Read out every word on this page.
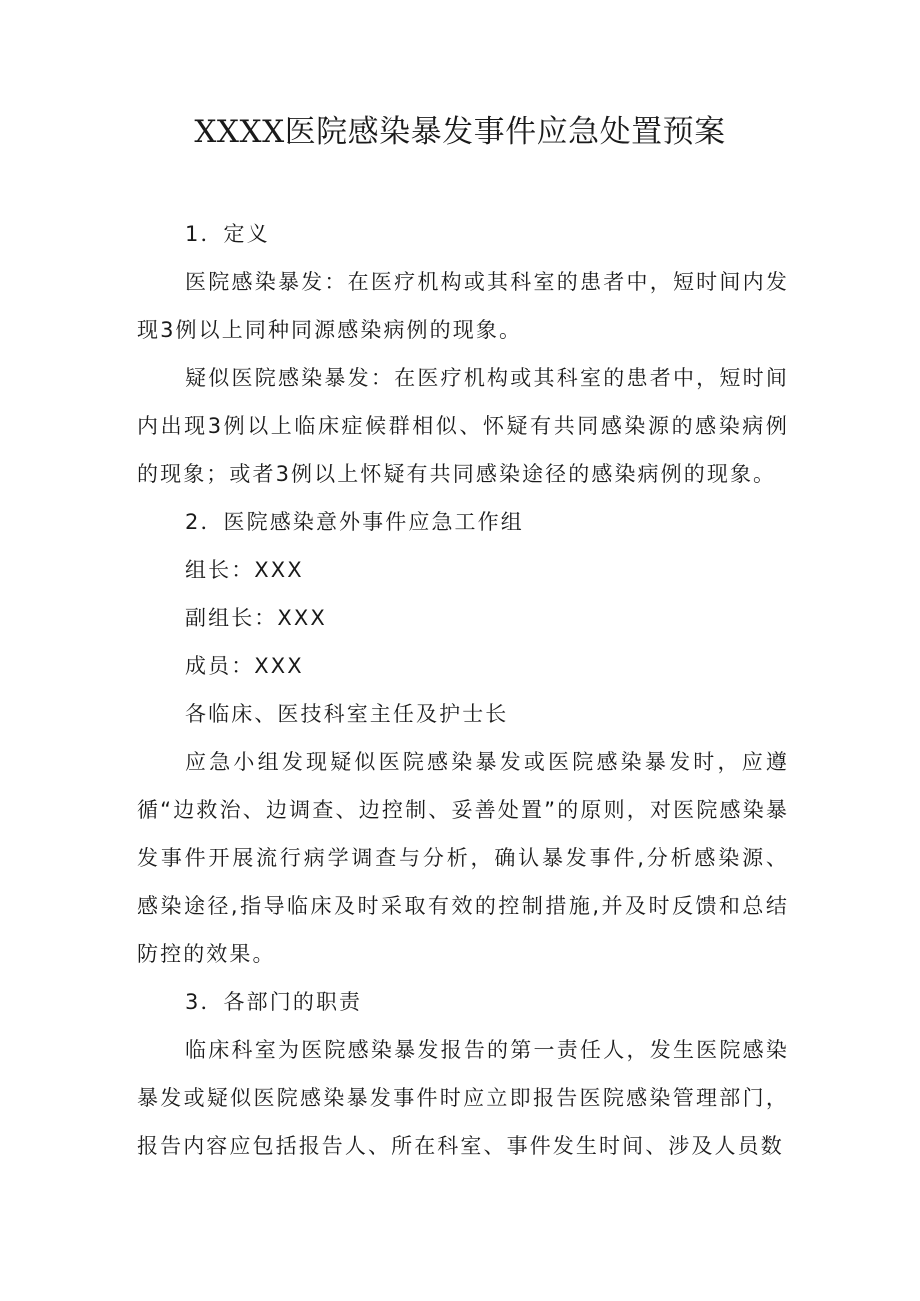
XXXX医院感染暴发事件应急处置预案

1．定义

医院感染暴发：在医疗机构或其科室的患者中，短时间内发现3例以上同种同源感染病例的现象。

疑似医院感染暴发：在医疗机构或其科室的患者中，短时间内出现3例以上临床症候群相似、怀疑有共同感染源的感染病例的现象；或者3例以上怀疑有共同感染途径的感染病例的现象。

2．医院感染意外事件应急工作组

组长：XXX

副组长：XXX

成员：XXX

各临床、医技科室主任及护士长

应急小组发现疑似医院感染暴发或医院感染暴发时，应遵循“边救治、边调查、边控制、妥善处置”的原则，对医院感染暴发事件开展流行病学调查与分析，确认暴发事件,分析感染源、感染途径,指导临床及时采取有效的控制措施,并及时反馈和总结防控的效果。

3．各部门的职责

临床科室为医院感染暴发报告的第一责任人，发生医院感染暴发或疑似医院感染暴发事件时应立即报告医院感染管理部门，报告内容应包括报告人、所在科室、事件发生时间、涉及人员数
